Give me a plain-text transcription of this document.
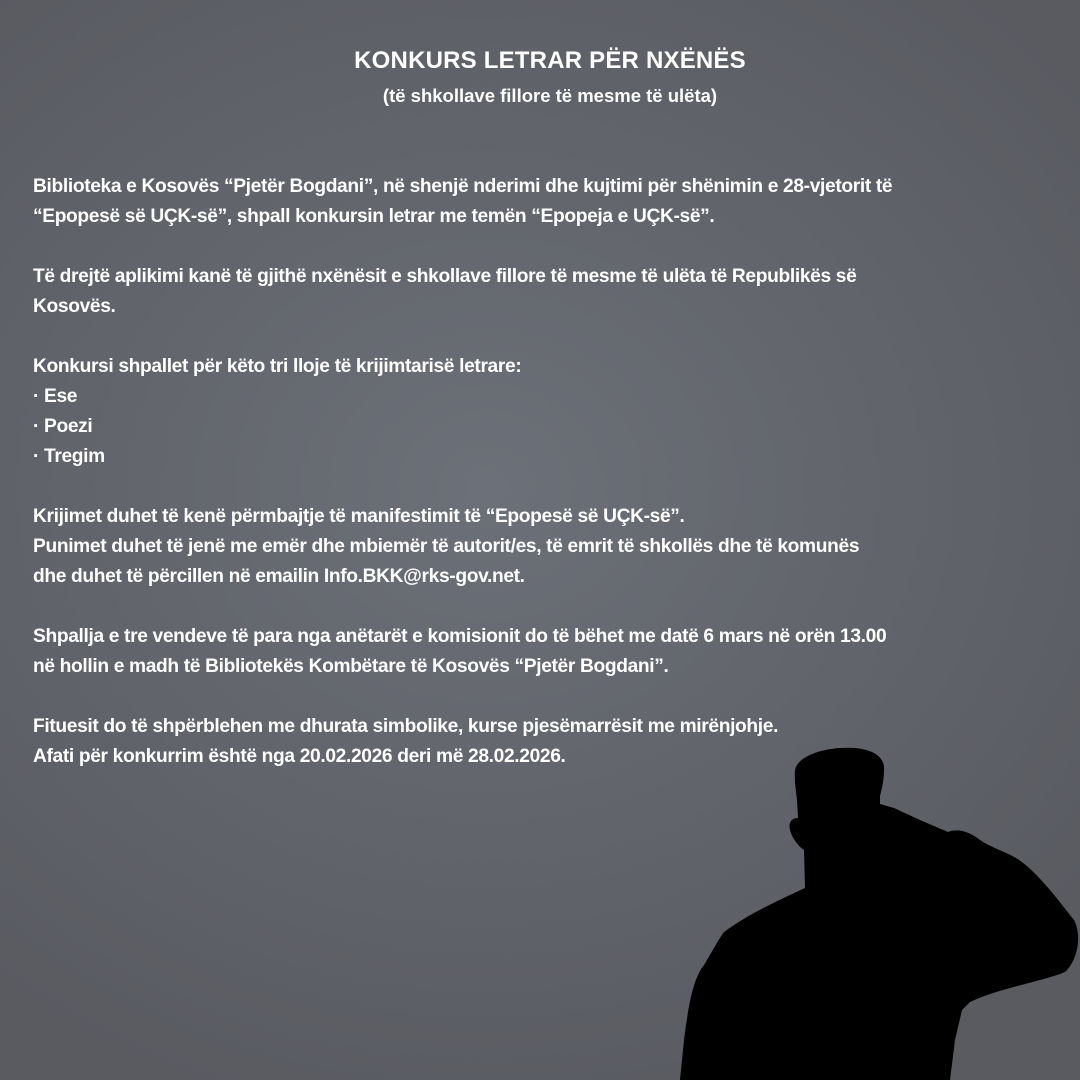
KONKURS LETRAR PËR NXËNËS
(të shkollave fillore të mesme të ulëta)

Biblioteka e Kosovës “Pjetër Bogdani”, në shenjë nderimi dhe kujtimi për shënimin e 28-vjetorit të
“Epopesë së UÇK-së”, shpall konkursin letrar me temën “Epopeja e UÇK-së”.

Të drejtë aplikimi kanë të gjithë nxënësit e shkollave fillore të mesme të ulëta të Republikës së
Kosovës.

Konkursi shpallet për këto tri lloje të krijimtarisë letrare:
· Ese
· Poezi
· Tregim

Krijimet duhet të kenë përmbajtje të manifestimit të “Epopesë së UÇK-së”.
Punimet duhet të jenë me emër dhe mbiemër të autorit/es, të emrit të shkollës dhe të komunës
dhe duhet të përcillen në emailin Info.BKK@rks-gov.net.

Shpallja e tre vendeve të para nga anëtarët e komisionit do të bëhet me datë 6 mars në orën 13.00
në hollin e madh të Bibliotekës Kombëtare të Kosovës “Pjetër Bogdani”.

Fituesit do të shpërblehen me dhurata simbolike, kurse pjesëmarrësit me mirënjohje.
Afati për konkurrim është nga 20.02.2026 deri më 28.02.2026.
